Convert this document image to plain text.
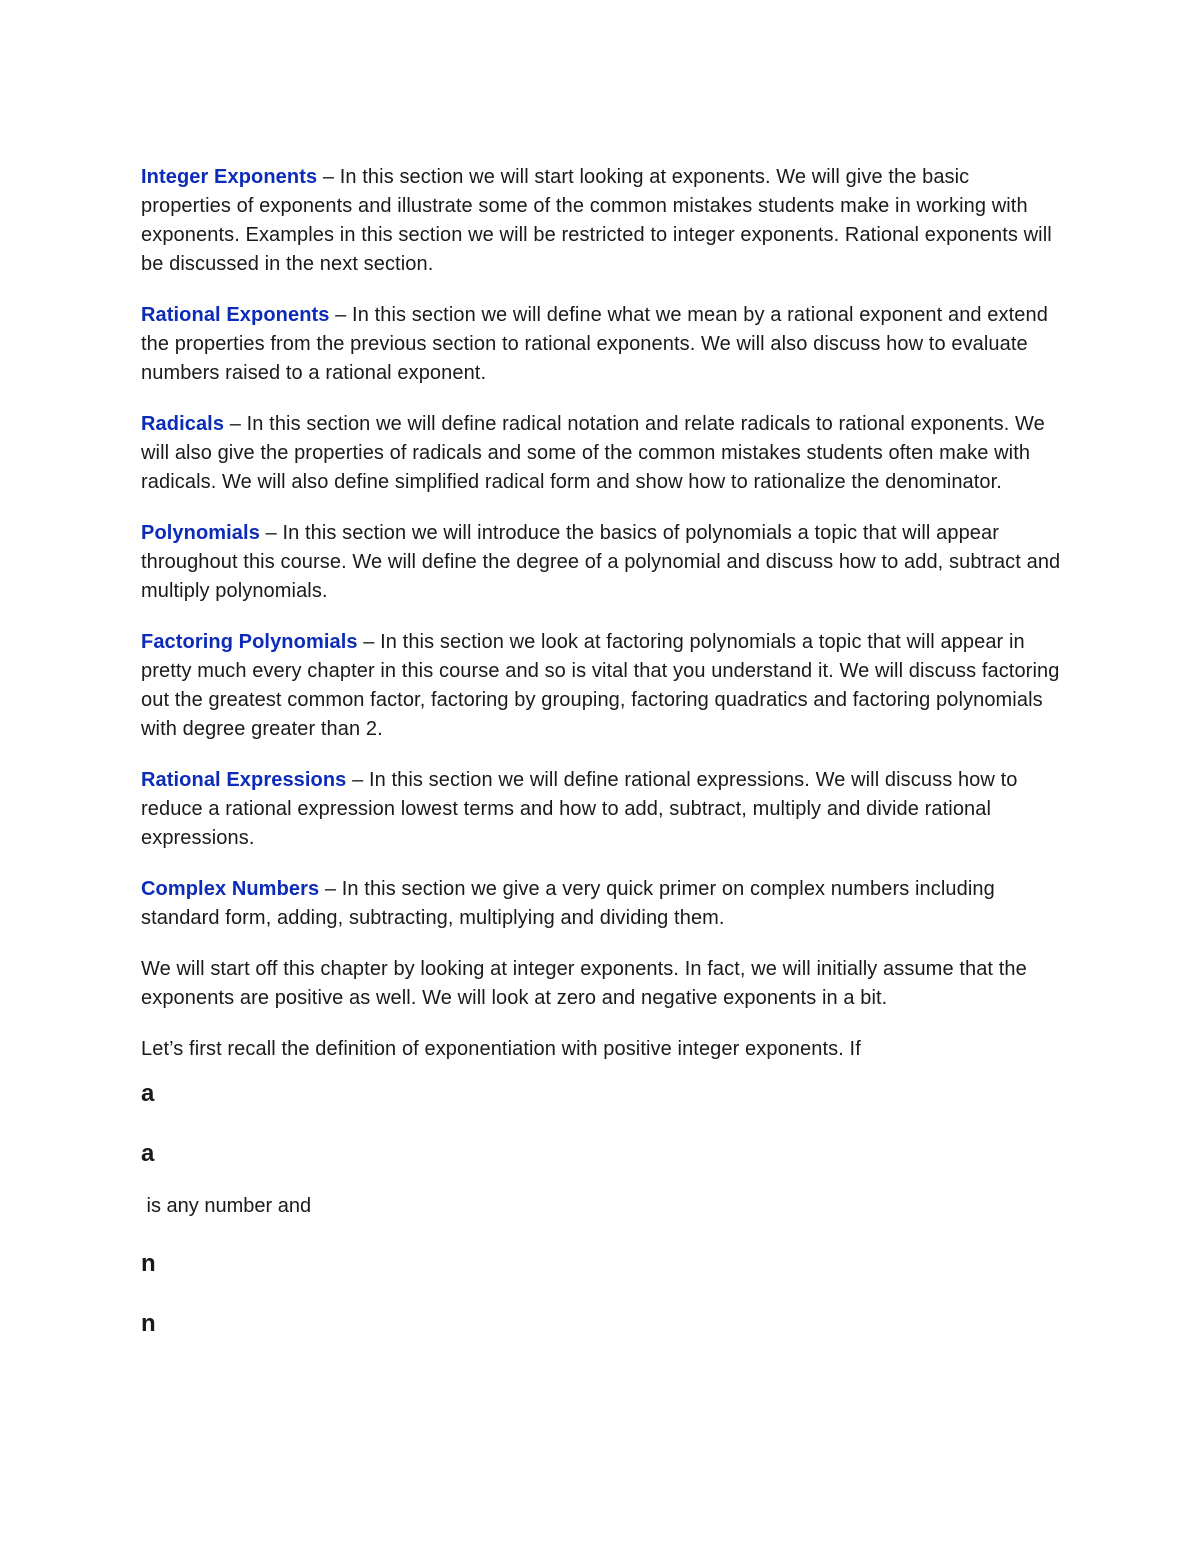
Integer Exponents – In this section we will start looking at exponents. We will give the basic properties of exponents and illustrate some of the common mistakes students make in working with exponents. Examples in this section we will be restricted to integer exponents. Rational exponents will be discussed in the next section.

Rational Exponents – In this section we will define what we mean by a rational exponent and extend the properties from the previous section to rational exponents. We will also discuss how to evaluate numbers raised to a rational exponent.

Radicals – In this section we will define radical notation and relate radicals to rational exponents. We will also give the properties of radicals and some of the common mistakes students often make with radicals. We will also define simplified radical form and show how to rationalize the denominator.

Polynomials – In this section we will introduce the basics of polynomials a topic that will appear throughout this course. We will define the degree of a polynomial and discuss how to add, subtract and multiply polynomials.

Factoring Polynomials – In this section we look at factoring polynomials a topic that will appear in pretty much every chapter in this course and so is vital that you understand it. We will discuss factoring out the greatest common factor, factoring by grouping, factoring quadratics and factoring polynomials with degree greater than 2.

Rational Expressions – In this section we will define rational expressions. We will discuss how to reduce a rational expression lowest terms and how to add, subtract, multiply and divide rational expressions.

Complex Numbers – In this section we give a very quick primer on complex numbers including standard form, adding, subtracting, multiplying and dividing them.

We will start off this chapter by looking at integer exponents. In fact, we will initially assume that the exponents are positive as well. We will look at zero and negative exponents in a bit.

Let’s first recall the definition of exponentiation with positive integer exponents. If

a
a
is any number and
n
n
